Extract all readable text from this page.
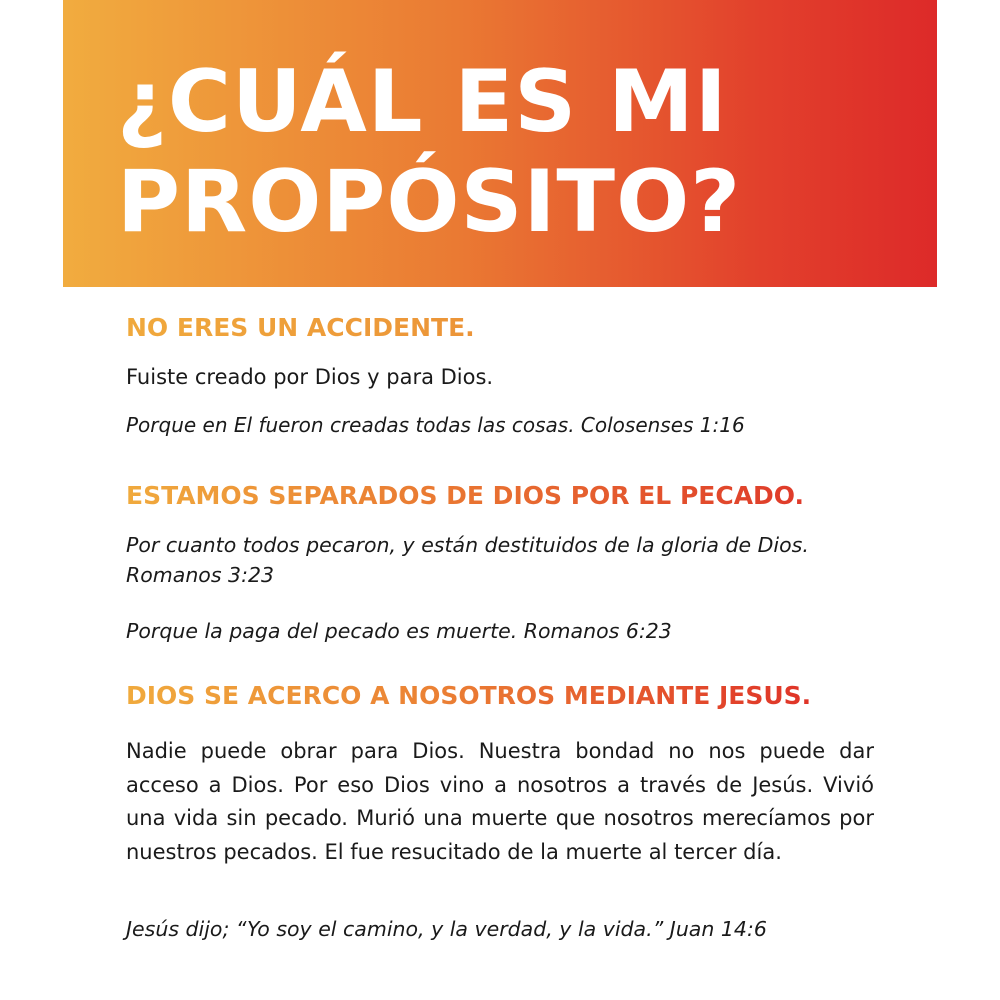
¿CUÁL ES MI
PROPÓSITO?
NO ERES UN ACCIDENTE.

Fuiste creado por Dios y para Dios.

Porque en El fueron creadas todas las cosas. Colosenses 1:16

ESTAMOS SEPARADOS DE DIOS POR EL PECADO.

Por cuanto todos pecaron, y están destituidos de la gloria de Dios. Romanos 3:23

Porque la paga del pecado es muerte. Romanos 6:23

DIOS SE ACERCO A NOSOTROS MEDIANTE JESUS.

Nadie puede obrar para Dios. Nuestra bondad no nos puede dar acceso a Dios. Por eso Dios vino a nosotros a través de Jesús. Vivió una vida sin pecado. Murió una muerte que nosotros merecíamos por nuestros pecados. El fue resucitado de la muerte al tercer día.

Jesús dijo; “Yo soy el camino, y la verdad, y la vida.” Juan 14:6
